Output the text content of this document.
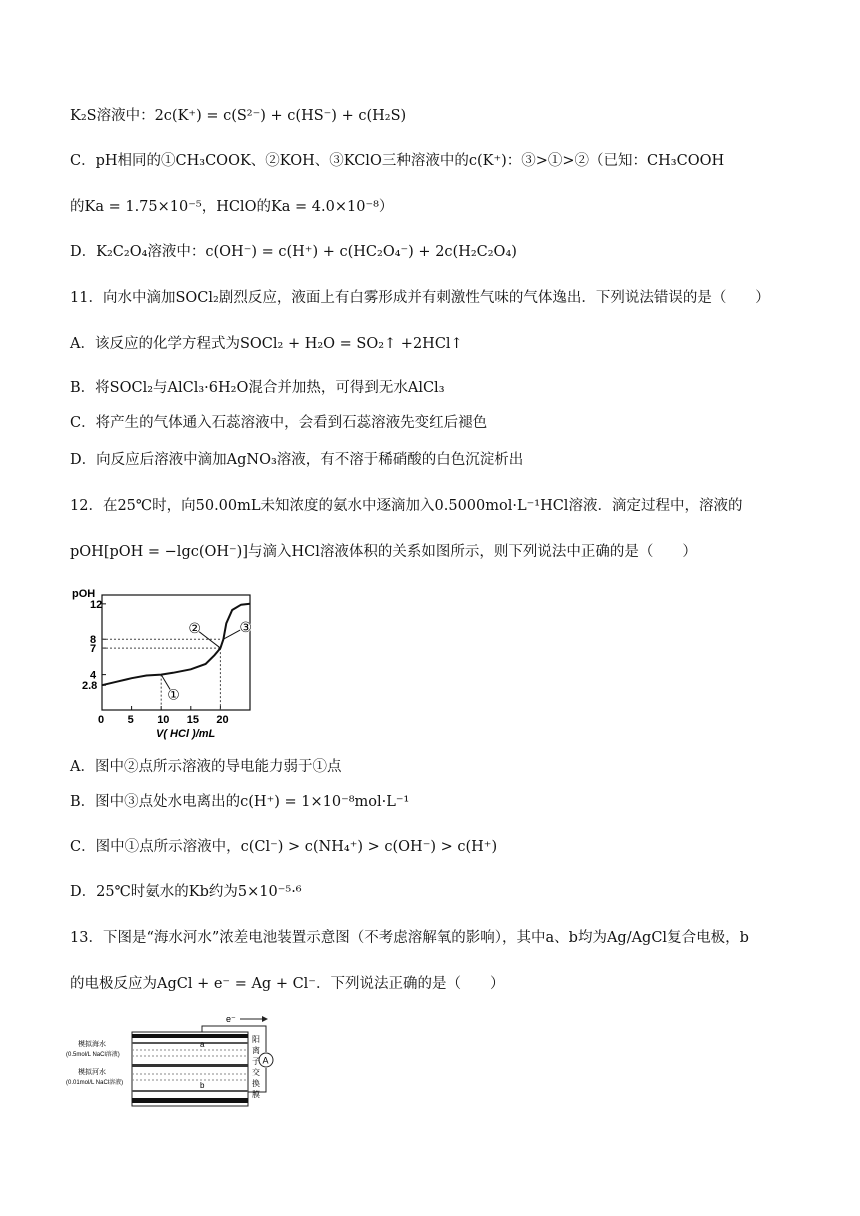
K₂S溶液中：2c(K⁺) = c(S²⁻) + c(HS⁻) + c(H₂S)
C．pH相同的①CH₃COOK、②KOH、③KClO三种溶液中的c(K⁺)：③>①>②（已知：CH₃COOH
的Ka = 1.75×10⁻⁵，HClO的Ka = 4.0×10⁻⁸）
D．K₂C₂O₄溶液中：c(OH⁻) = c(H⁺) + c(HC₂O₄⁻) + 2c(H₂C₂O₄)
11．向水中滴加SOCl₂剧烈反应，液面上有白雾形成并有刺激性气味的气体逸出．下列说法错误的是（　　）
A．该反应的化学方程式为SOCl₂ + H₂O = SO₂↑ +2HCl↑
B．将SOCl₂与AlCl₃·6H₂O混合并加热，可得到无水AlCl₃
C．将产生的气体通入石蕊溶液中，会看到石蕊溶液先变红后褪色
D．向反应后溶液中滴加AgNO₃溶液，有不溶于稀硝酸的白色沉淀析出
12．在25℃时，向50.00mL未知浓度的氨水中逐滴加入0.5000mol·L⁻¹HCl溶液．滴定过程中，溶液的
pOH[pOH = −lgc(OH⁻)]与滴入HCl溶液体积的关系如图所示，则下列说法中正确的是（　　）
pOH
V( HCl )/mL
0 5 10 15 20
2.8
4
7
8
12
①
②	③
A．图中②点所示溶液的导电能力弱于①点
B．图中③点处水电离出的c(H⁺) = 1×10⁻⁸mol·L⁻¹
C．图中①点所示溶液中，c(Cl⁻) > c(NH₄⁺) > c(OH⁻) > c(H⁺)
D．25℃时氨水的Kb约为5×10⁻⁵·⁶
13．下图是“海水河水”浓差电池装置示意图（不考虑溶解氧的影响），其中a、b均为Ag/AgCl复合电极，b
的电极反应为AgCl + e⁻ = Ag + Cl⁻．下列说法正确的是（　　）
e⁻
A
a
b
阳
离
子
交
换
膜
模拟海水
(0.5mol/L NaCl溶液)
模拟河水
(0.01mol/L NaCl溶液)
